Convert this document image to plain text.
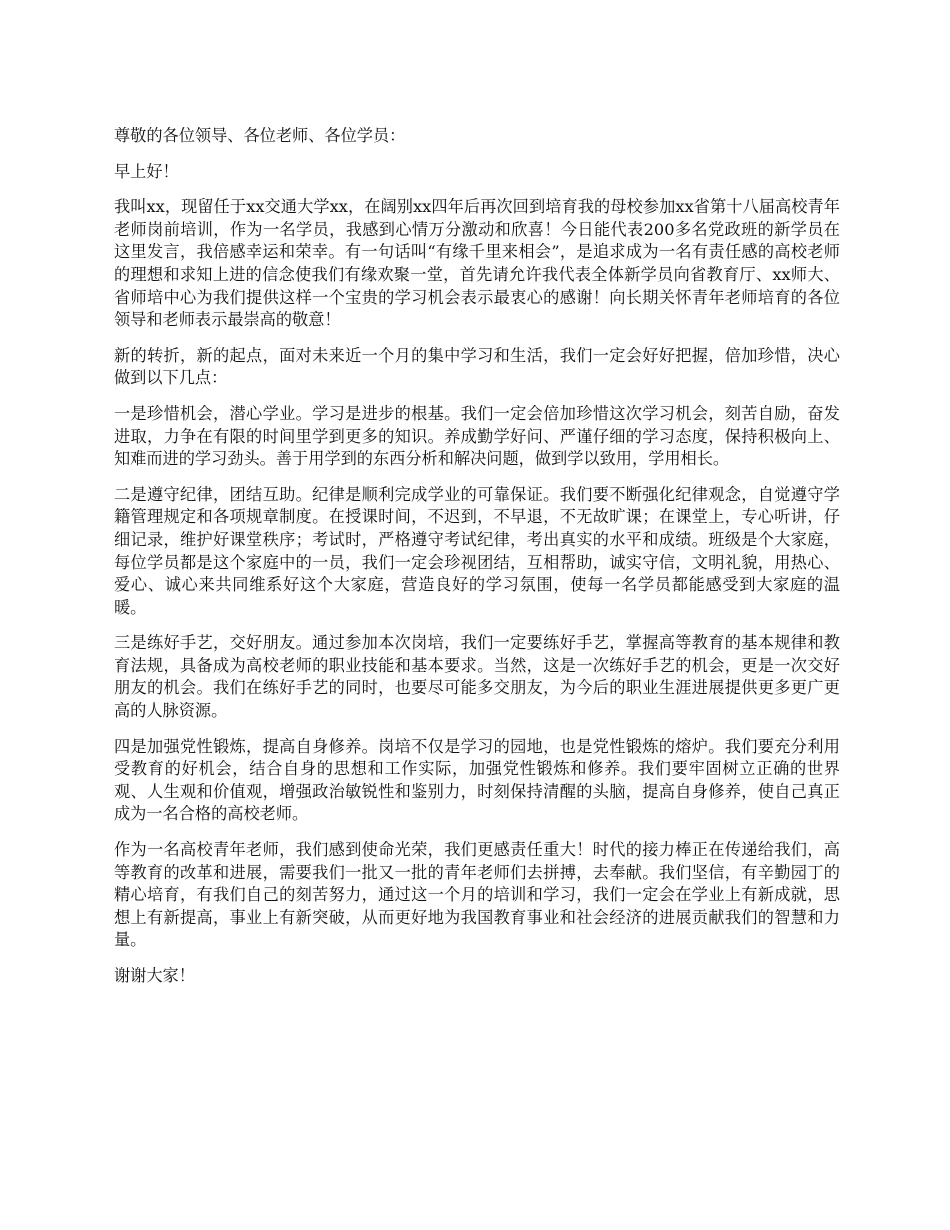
尊敬的各位领导、各位老师、各位学员：

早上好！

我叫xx，现留任于xx交通大学xx，在阔别xx四年后再次回到培育我的母校参加xx省第十八届高校青年老师岗前培训，作为一名学员，我感到心情万分激动和欣喜！今日能代表200多名党政班的新学员在这里发言，我倍感幸运和荣幸。有一句话叫“有缘千里来相会”，是追求成为一名有责任感的高校老师的理想和求知上进的信念使我们有缘欢聚一堂，首先请允许我代表全体新学员向省教育厅、xx师大、省师培中心为我们提供这样一个宝贵的学习机会表示最衷心的感谢！向长期关怀青年老师培育的各位领导和老师表示最崇高的敬意！

新的转折，新的起点，面对未来近一个月的集中学习和生活，我们一定会好好把握，倍加珍惜，决心做到以下几点：

一是珍惜机会，潜心学业。学习是进步的根基。我们一定会倍加珍惜这次学习机会，刻苦自励，奋发进取，力争在有限的时间里学到更多的知识。养成勤学好问、严谨仔细的学习态度，保持积极向上、知难而进的学习劲头。善于用学到的东西分析和解决问题，做到学以致用，学用相长。

二是遵守纪律，团结互助。纪律是顺利完成学业的可靠保证。我们要不断强化纪律观念，自觉遵守学籍管理规定和各项规章制度。在授课时间，不迟到，不早退，不无故旷课；在课堂上，专心听讲，仔细记录，维护好课堂秩序；考试时，严格遵守考试纪律，考出真实的水平和成绩。班级是个大家庭，每位学员都是这个家庭中的一员，我们一定会珍视团结，互相帮助，诚实守信，文明礼貌，用热心、爱心、诚心来共同维系好这个大家庭，营造良好的学习氛围，使每一名学员都能感受到大家庭的温暖。

三是练好手艺，交好朋友。通过参加本次岗培，我们一定要练好手艺，掌握高等教育的基本规律和教育法规，具备成为高校老师的职业技能和基本要求。当然，这是一次练好手艺的机会，更是一次交好朋友的机会。我们在练好手艺的同时，也要尽可能多交朋友，为今后的职业生涯进展提供更多更广更高的人脉资源。

四是加强党性锻炼，提高自身修养。岗培不仅是学习的园地，也是党性锻炼的熔炉。我们要充分利用受教育的好机会，结合自身的思想和工作实际，加强党性锻炼和修养。我们要牢固树立正确的世界观、人生观和价值观，增强政治敏锐性和鉴别力，时刻保持清醒的头脑，提高自身修养，使自己真正成为一名合格的高校老师。

作为一名高校青年老师，我们感到使命光荣，我们更感责任重大！时代的接力棒正在传递给我们，高等教育的改革和进展，需要我们一批又一批的青年老师们去拼搏，去奉献。我们坚信，有辛勤园丁的精心培育，有我们自己的刻苦努力，通过这一个月的培训和学习，我们一定会在学业上有新成就，思想上有新提高，事业上有新突破，从而更好地为我国教育事业和社会经济的进展贡献我们的智慧和力量。

谢谢大家！
